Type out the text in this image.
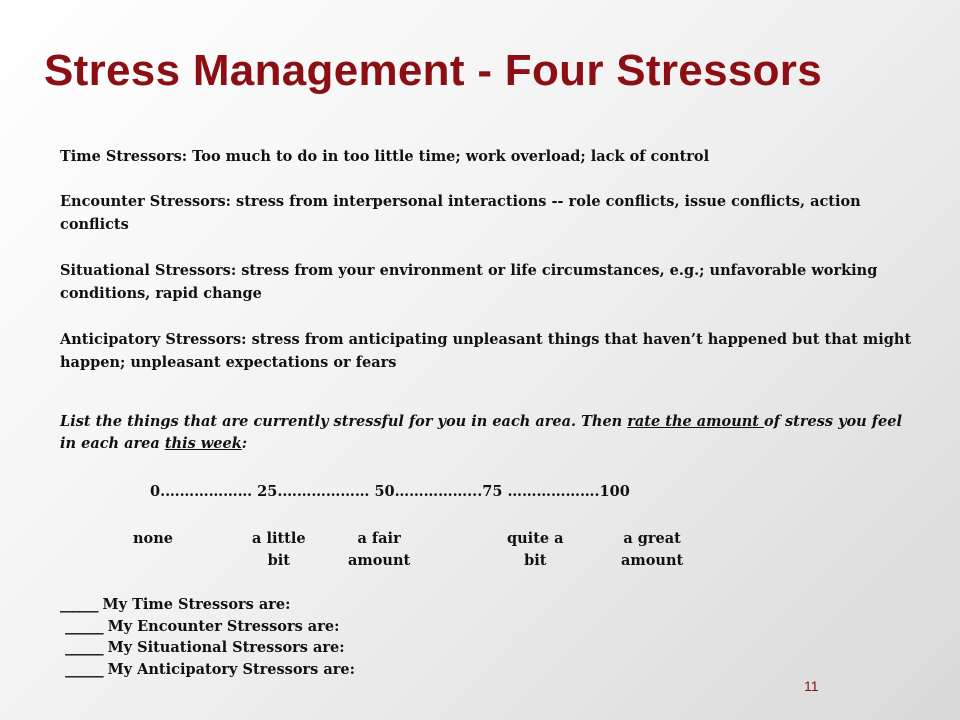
Stress Management - Four Stressors

Time Stressors: Too much to do in too little time; work overload; lack of control

Encounter Stressors: stress from interpersonal interactions -- role conflicts, issue conflicts, action conflicts

Situational Stressors: stress from your environment or life circumstances, e.g.; unfavorable working conditions, rapid change

Anticipatory Stressors: stress from anticipating unpleasant things that haven’t happened but that might happen; unpleasant expectations or fears

List the things that are currently stressful for you in each area. Then rate the amount of stress you feel in each area this week:
0.……………… 25.……………… 50……………...75 ……………….100
none	a little
bit
a fair
amount
quite a
bit
a great
amount
______ My Time Stressors are:
______ My Encounter Stressors are:
______ My Situational Stressors are:
______ My Anticipatory Stressors are:
11
